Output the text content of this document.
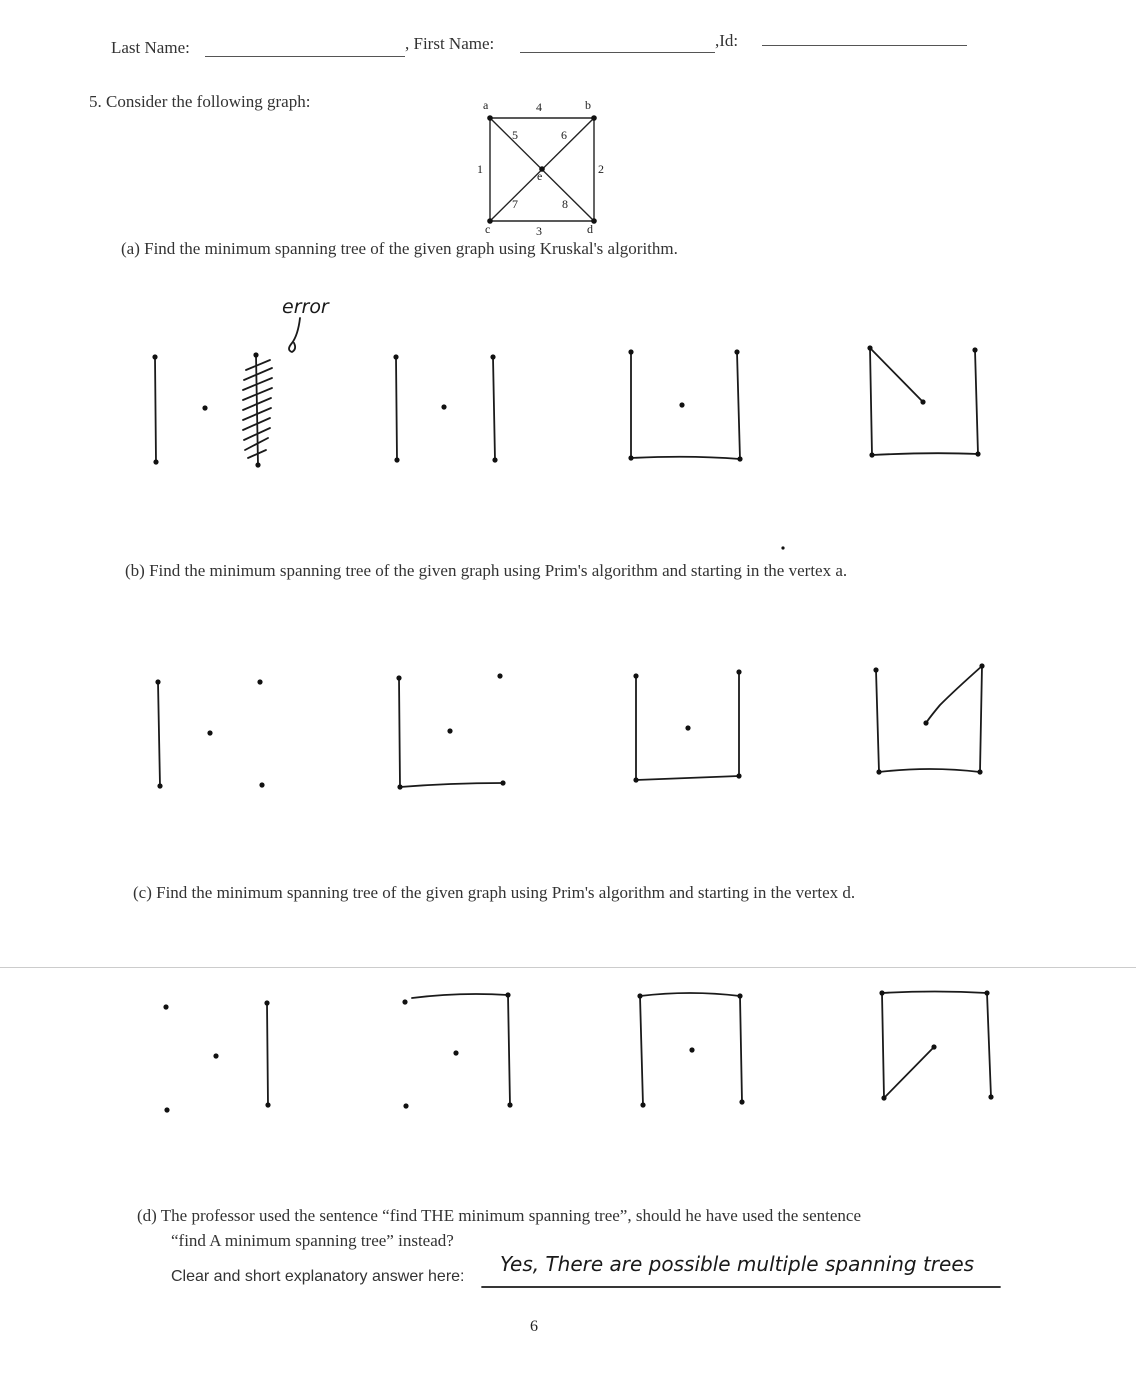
Last Name:	, First Name:	,Id:
5. Consider the following graph:	a	b
c	d
e
4
1	2
3
5	6
7	8
(a) Find the minimum spanning tree of the given graph using Kruskal's algorithm.
error
(b) Find the minimum spanning tree of the given graph using Prim's algorithm and starting in the vertex a.
(c) Find the minimum spanning tree of the given graph using Prim's algorithm and starting in the vertex d.
(d) The professor used the sentence “find THE minimum spanning tree”, should he have used the sentence
“find A minimum spanning tree” instead?
Clear and short explanatory answer here:
Yes, There are possible multiple spanning trees
6
